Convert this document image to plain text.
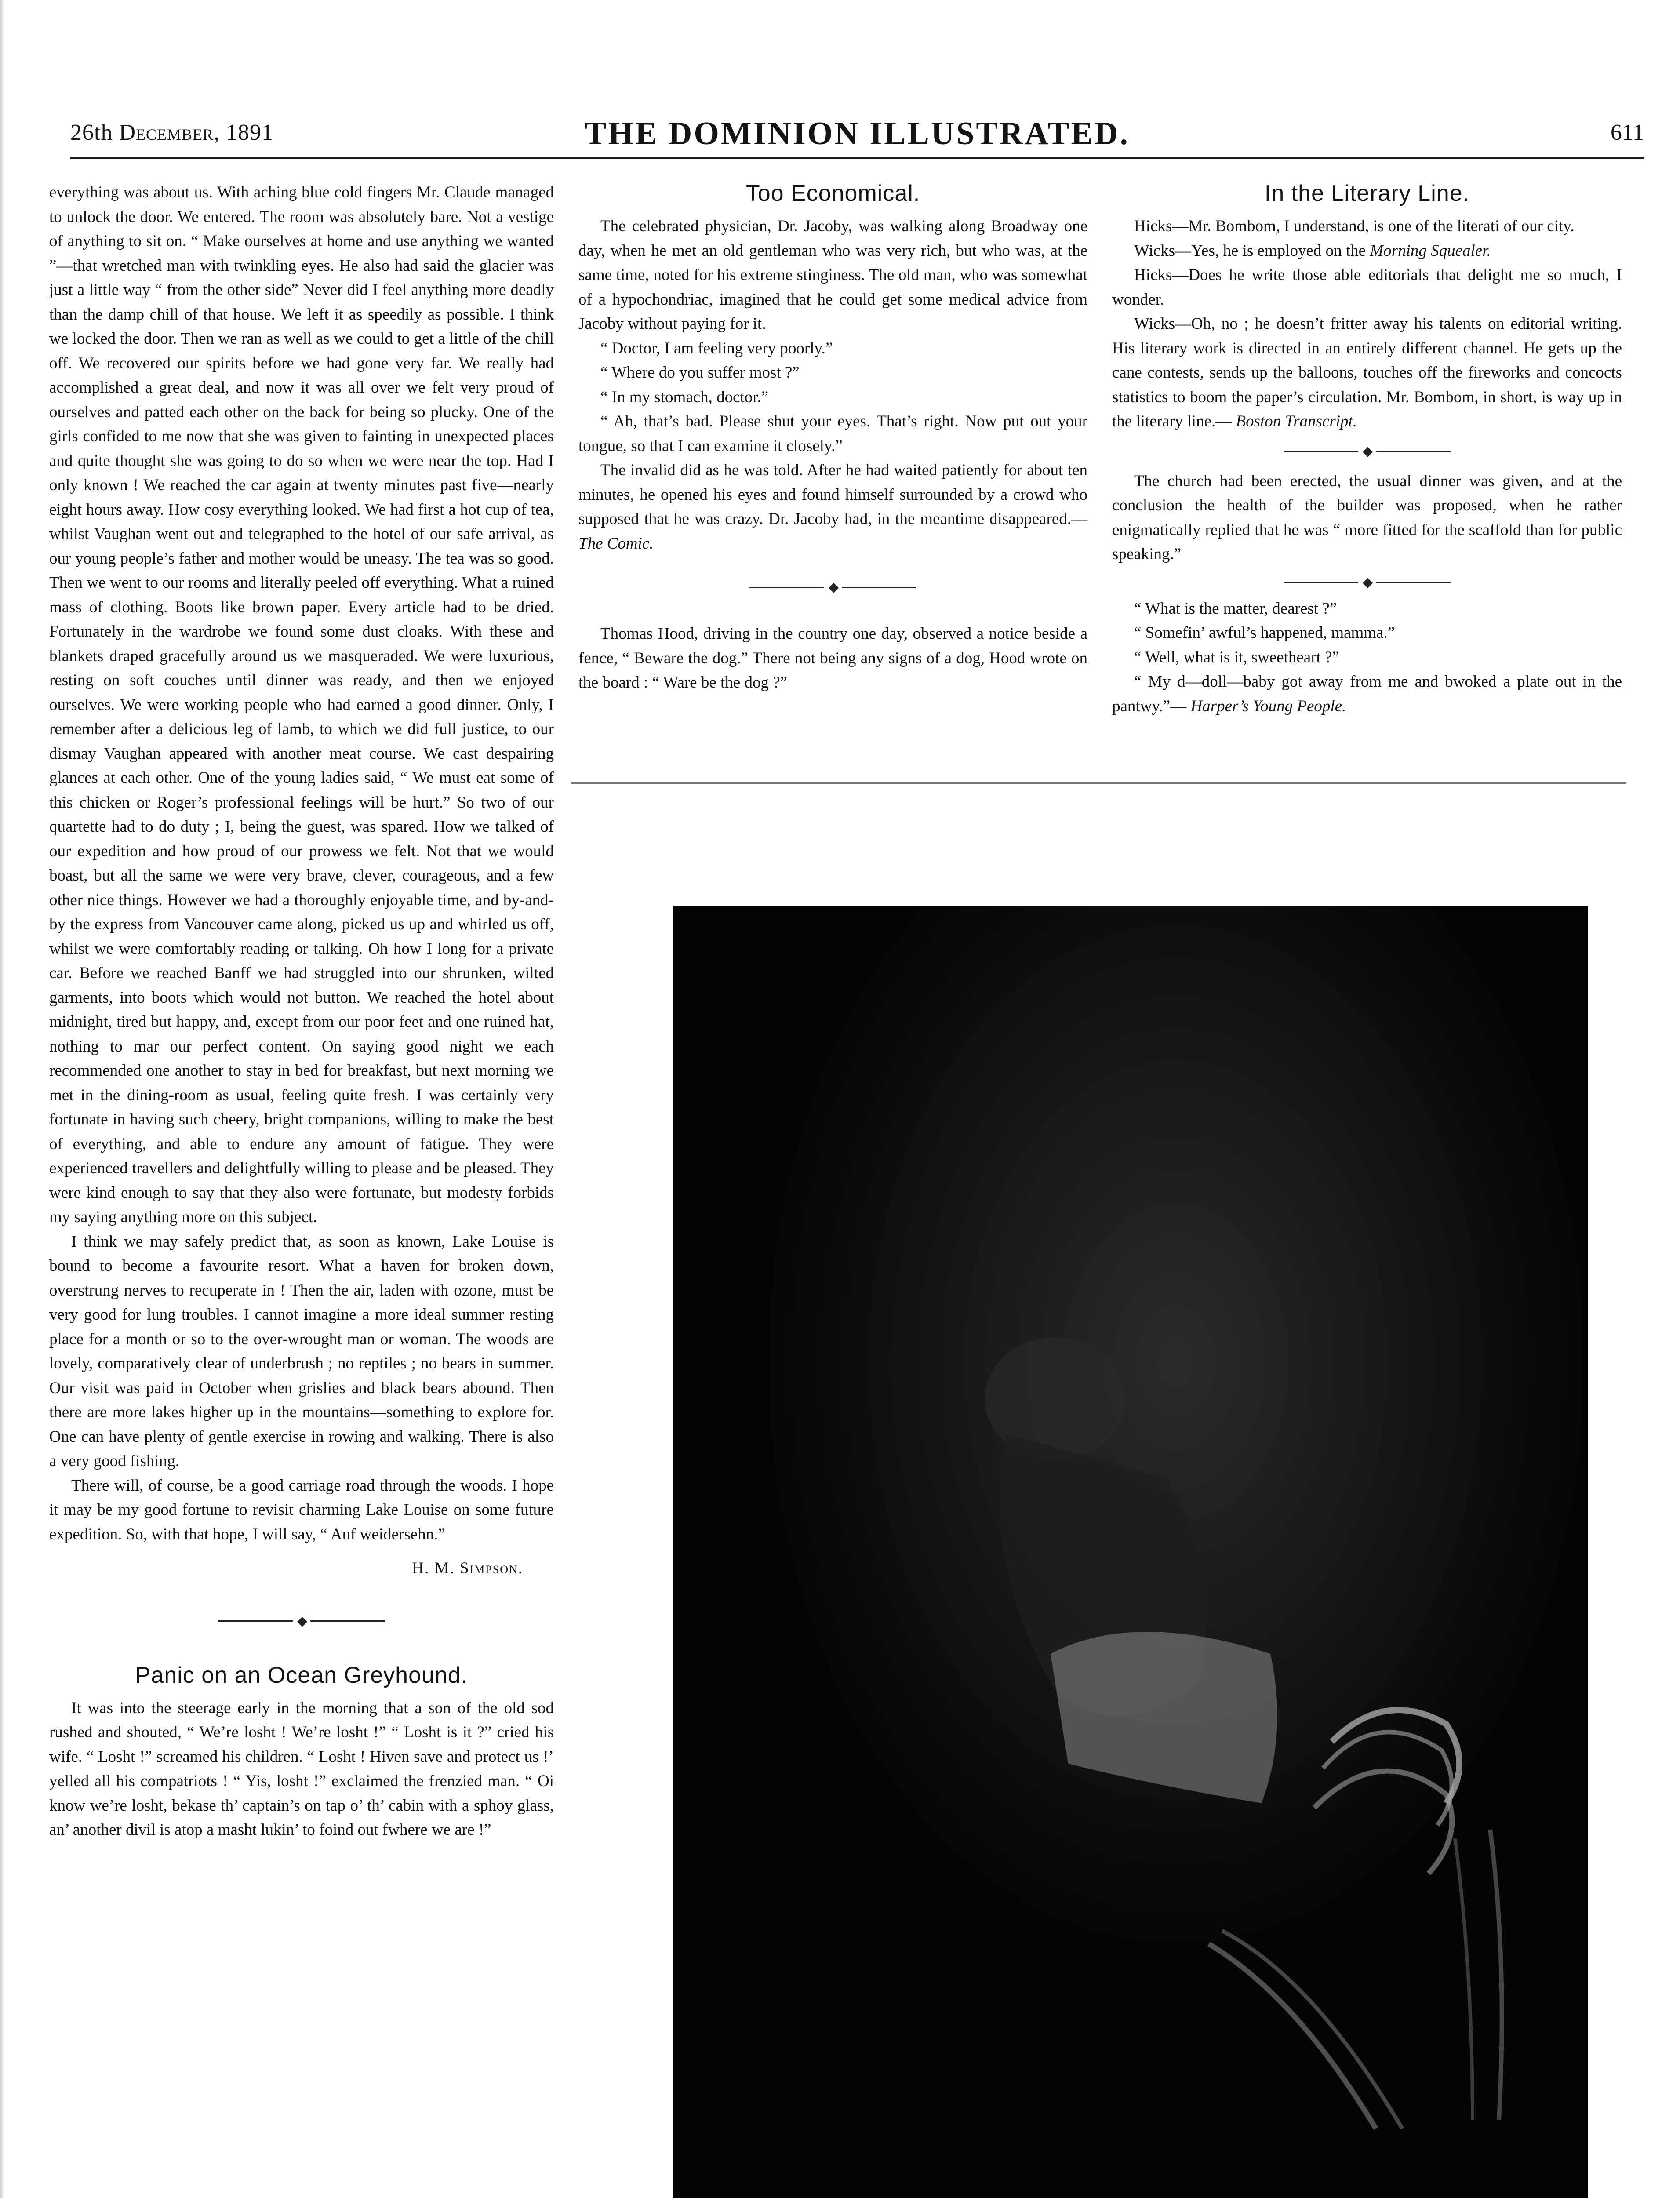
26th December, 1891	THE DOMINION ILLUSTRATED.	611

everything was about us. With aching blue cold fingers Mr. Claude managed to unlock the door. We entered. The room was absolutely bare. Not a vestige of anything to sit on. “ Make ourselves at home and use anything we wanted ”—that wretched man with twinkling eyes. He also had said the glacier was just a little way “ from the other side” Never did I feel anything more deadly than the damp chill of that house. We left it as speedily as possible. I think we locked the door. Then we ran as well as we could to get a little of the chill off. We recovered our spirits before we had gone very far. We really had accomplished a great deal, and now it was all over we felt very proud of ourselves and patted each other on the back for being so plucky. One of the girls confided to me now that she was given to fainting in unexpected places and quite thought she was going to do so when we were near the top. Had I only known ! We reached the car again at twenty minutes past five—nearly eight hours away. How cosy everything looked. We had first a hot cup of tea, whilst Vaughan went out and telegraphed to the hotel of our safe arrival, as our young people’s father and mother would be uneasy. The tea was so good. Then we went to our rooms and literally peeled off everything. What a ruined mass of clothing. Boots like brown paper. Every article had to be dried. Fortunately in the wardrobe we found some dust cloaks. With these and blankets draped gracefully around us we masqueraded. We were luxurious, resting on soft couches until dinner was ready, and then we enjoyed ourselves. We were working people who had earned a good dinner. Only, I remember after a delicious leg of lamb, to which we did full justice, to our dismay Vaughan appeared with another meat course. We cast despairing glances at each other. One of the young ladies said, “ We must eat some of this chicken or Roger’s professional feelings will be hurt.” So two of our quartette had to do duty ; I, being the guest, was spared. How we talked of our expedition and how proud of our prowess we felt. Not that we would boast, but all the same we were very brave, clever, courageous, and a few other nice things. However we had a thoroughly enjoyable time, and by-and-by the express from Vancouver came along, picked us up and whirled us off, whilst we were comfortably reading or talking. Oh how I long for a private car. Before we reached Banff we had struggled into our shrunken, wilted garments, into boots which would not button. We reached the hotel about midnight, tired but happy, and, except from our poor feet and one ruined hat, nothing to mar our perfect content. On saying good night we each recommended one another to stay in bed for breakfast, but next morning we met in the dining-room as usual, feeling quite fresh. I was certainly very fortunate in having such cheery, bright companions, willing to make the best of everything, and able to endure any amount of fatigue. They were experienced travellers and delightfully willing to please and be pleased. They were kind enough to say that they also were fortunate, but modesty forbids my saying anything more on this subject.

I think we may safely predict that, as soon as known, Lake Louise is bound to become a favourite resort. What a haven for broken down, overstrung nerves to recuperate in ! Then the air, laden with ozone, must be very good for lung troubles. I cannot imagine a more ideal summer resting place for a month or so to the over-wrought man or woman. The woods are lovely, comparatively clear of underbrush ; no reptiles ; no bears in summer. Our visit was paid in October when grislies and black bears abound. Then there are more lakes higher up in the mountains—something to explore for. One can have plenty of gentle exercise in rowing and walking. There is also a very good fishing.

There will, of course, be a good carriage road through the woods. I hope it may be my good fortune to revisit charming Lake Louise on some future expedition. So, with that hope, I will say, “ Auf weidersehn.”

H. M. Simpson.
◆
Panic on an Ocean Greyhound.

It was into the steerage early in the morning that a son of the old sod rushed and shouted, “ We’re losht ! We’re losht !” “ Losht is it ?” cried his wife. “ Losht !” screamed his children. “ Losht ! Hiven save and protect us !’ yelled all his compatriots ! “ Yis, losht !” exclaimed the frenzied man. “ Oi know we’re losht, bekase th’ captain’s on tap o’ th’ cabin with a sphoy glass, an’ another divil is atop a masht lukin’ to foind out fwhere we are !”

Too Economical.

The celebrated physician, Dr. Jacoby, was walking along Broadway one day, when he met an old gentleman who was very rich, but who was, at the same time, noted for his extreme stinginess. The old man, who was somewhat of a hypochondriac, imagined that he could get some medical advice from Jacoby without paying for it.

“ Doctor, I am feeling very poorly.”

“ Where do you suffer most ?”

“ In my stomach, doctor.”

“ Ah, that’s bad. Please shut your eyes. That’s right. Now put out your tongue, so that I can examine it closely.”

The invalid did as he was told. After he had waited patiently for about ten minutes, he opened his eyes and found himself surrounded by a crowd who supposed that he was crazy. Dr. Jacoby had, in the meantime disappeared.— The Comic.

◆

Thomas Hood, driving in the country one day, observed a notice beside a fence, “ Beware the dog.” There not being any signs of a dog, Hood wrote on the board : “ Ware be the dog ?”

In the Literary Line.

Hicks—Mr. Bombom, I understand, is one of the literati of our city.

Wicks—Yes, he is employed on the Morning Squealer.

Hicks—Does he write those able editorials that delight me so much, I wonder.

Wicks—Oh, no ; he doesn’t fritter away his talents on editorial writing. His literary work is directed in an entirely different channel. He gets up the cane contests, sends up the balloons, touches off the fireworks and concocts statistics to boom the paper’s circulation. Mr. Bombom, in short, is way up in the literary line.— Boston Transcript.

◆

The church had been erected, the usual dinner was given, and at the conclusion the health of the builder was proposed, when he rather enigmatically replied that he was “ more fitted for the scaffold than for public speaking.”

◆

“ What is the matter, dearest ?”

“ Somefin’ awful’s happened, mamma.”

“ Well, what is it, sweetheart ?”

“ My d—doll—baby got away from me and bwoked a plate out in the pantwy.”— Harper’s Young People.
